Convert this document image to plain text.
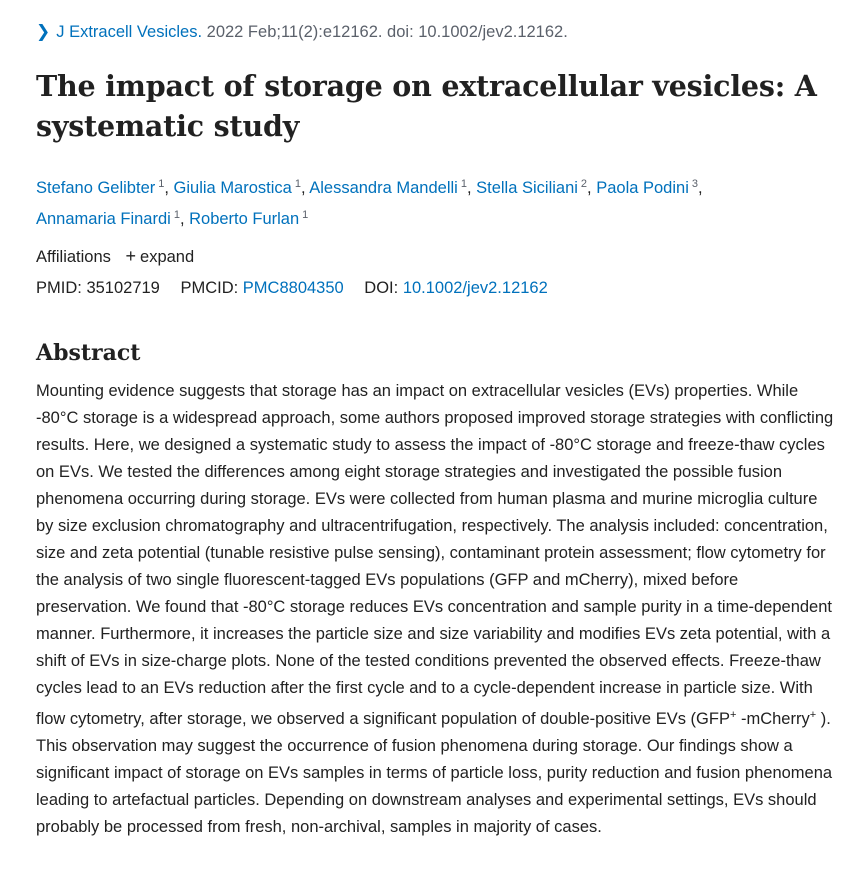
❯ J Extracell Vesicles. 2022 Feb;11(2):e12162. doi: 10.1002/jev2.12162.
The impact of storage on extracellular vesicles: A systematic study
Stefano Gelibter $^1$, Giulia Marostica $^1$, Alessandra Mandelli $^1$, Stella Siciliani $^2$, Paola Podini $^3$,
Annamaria Finardi $^1$, Roberto Furlan $^1$
Affiliations + expand
PMID: 35102719 PMCID: PMC8804350 DOI: 10.1002/jev2.12162
Abstract
Mounting evidence suggests that storage has an impact on extracellular vesicles (EVs) properties. While -80°C storage is a widespread approach, some authors proposed improved storage strategies with conflicting results. Here, we designed a systematic study to assess the impact of -80°C storage and freeze-thaw cycles on EVs. We tested the differences among eight storage strategies and investigated the possible fusion phenomena occurring during storage. EVs were collected from human plasma and murine microglia culture by size exclusion chromatography and ultracentrifugation, respectively. The analysis included: concentration, size and zeta potential (tunable resistive pulse sensing), contaminant protein assessment; flow cytometry for the analysis of two single fluorescent-tagged EVs populations (GFP and mCherry), mixed before preservation. We found that -80°C storage reduces EVs concentration and sample purity in a time-dependent manner. Furthermore, it increases the particle size and size variability and modifies EVs zeta potential, with a shift of EVs in size-charge plots. None of the tested conditions prevented the observed effects. Freeze-thaw cycles lead to an EVs reduction after the first cycle and to a cycle-dependent increase in particle size. With flow cytometry, after storage, we observed a significant population of double-positive EVs (GFP+ -mCherry+ ). This observation may suggest the occurrence of fusion phenomena during storage. Our findings show a significant impact of storage on EVs samples in terms of particle loss, purity reduction and fusion phenomena leading to artefactual particles. Depending on downstream analyses and experimental settings, EVs should probably be processed from fresh, non-archival, samples in majority of cases.
